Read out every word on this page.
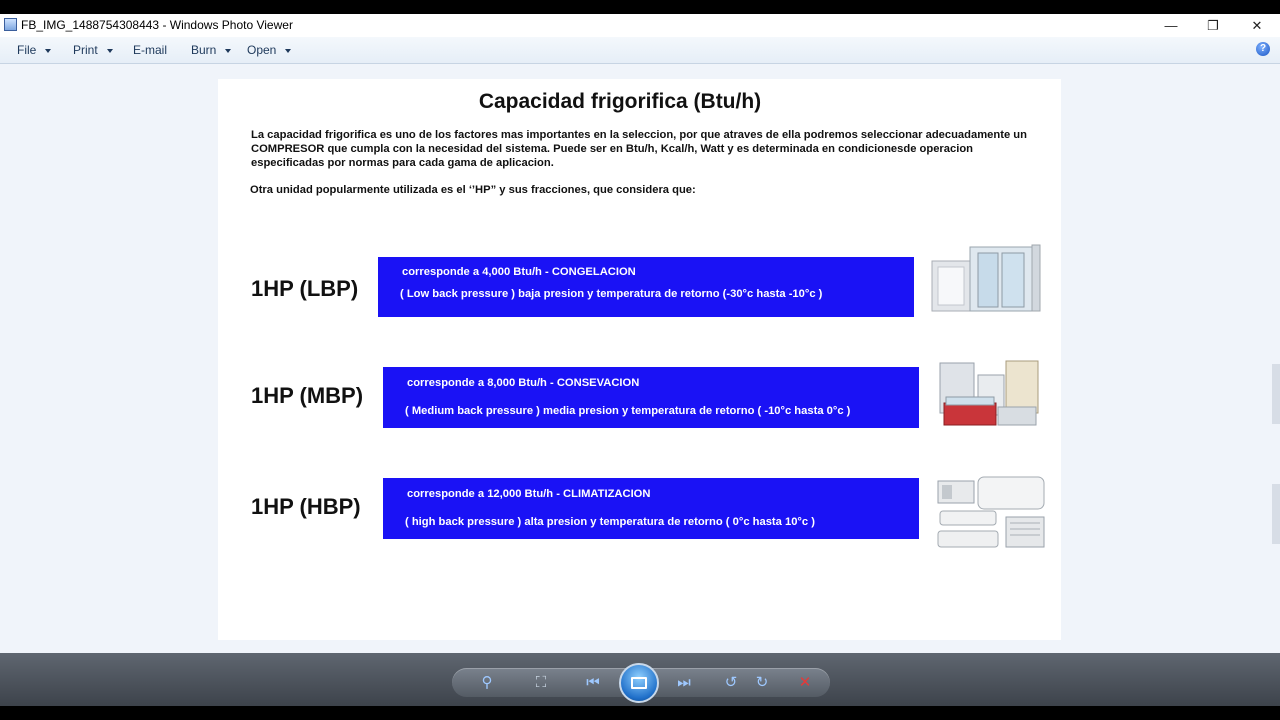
FB_IMG_1488754308443 - Windows Photo Viewer	—	❐	✕
File	Print	E-mail Burn	Open	?
Capacidad frigorifica (Btu/h)
La capacidad frigorifica es uno de los factores mas importantes en la seleccion, por que atraves de ella podremos seleccionar adecuadamente un COMPRESOR que cumpla con la necesidad del sistema. Puede ser en Btu/h, Kcal/h, Watt y es determinada en condicionesde operacion especificadas por normas para cada gama de aplicacion.
Otra unidad popularmente utilizada es el ‘’HP” y sus fracciones, que considera que:
1HP (LBP)
corresponde a 4,000 Btu/h - CONGELACION
( Low back pressure ) baja presion y temperatura de retorno (-30°c hasta -10°c )
1HP (MBP)	corresponde a 8,000 Btu/h - CONSEVACION
( Medium back pressure ) media presion y temperatura de retorno ( -10°c hasta 0°c )
1HP (HBP)	corresponde a 12,000 Btu/h - CLIMATIZACION
( high back pressure ) alta presion y temperatura de retorno ( 0°c hasta 10°c )
⚲	⛶	⏮	⏭	↺	↻	✕
